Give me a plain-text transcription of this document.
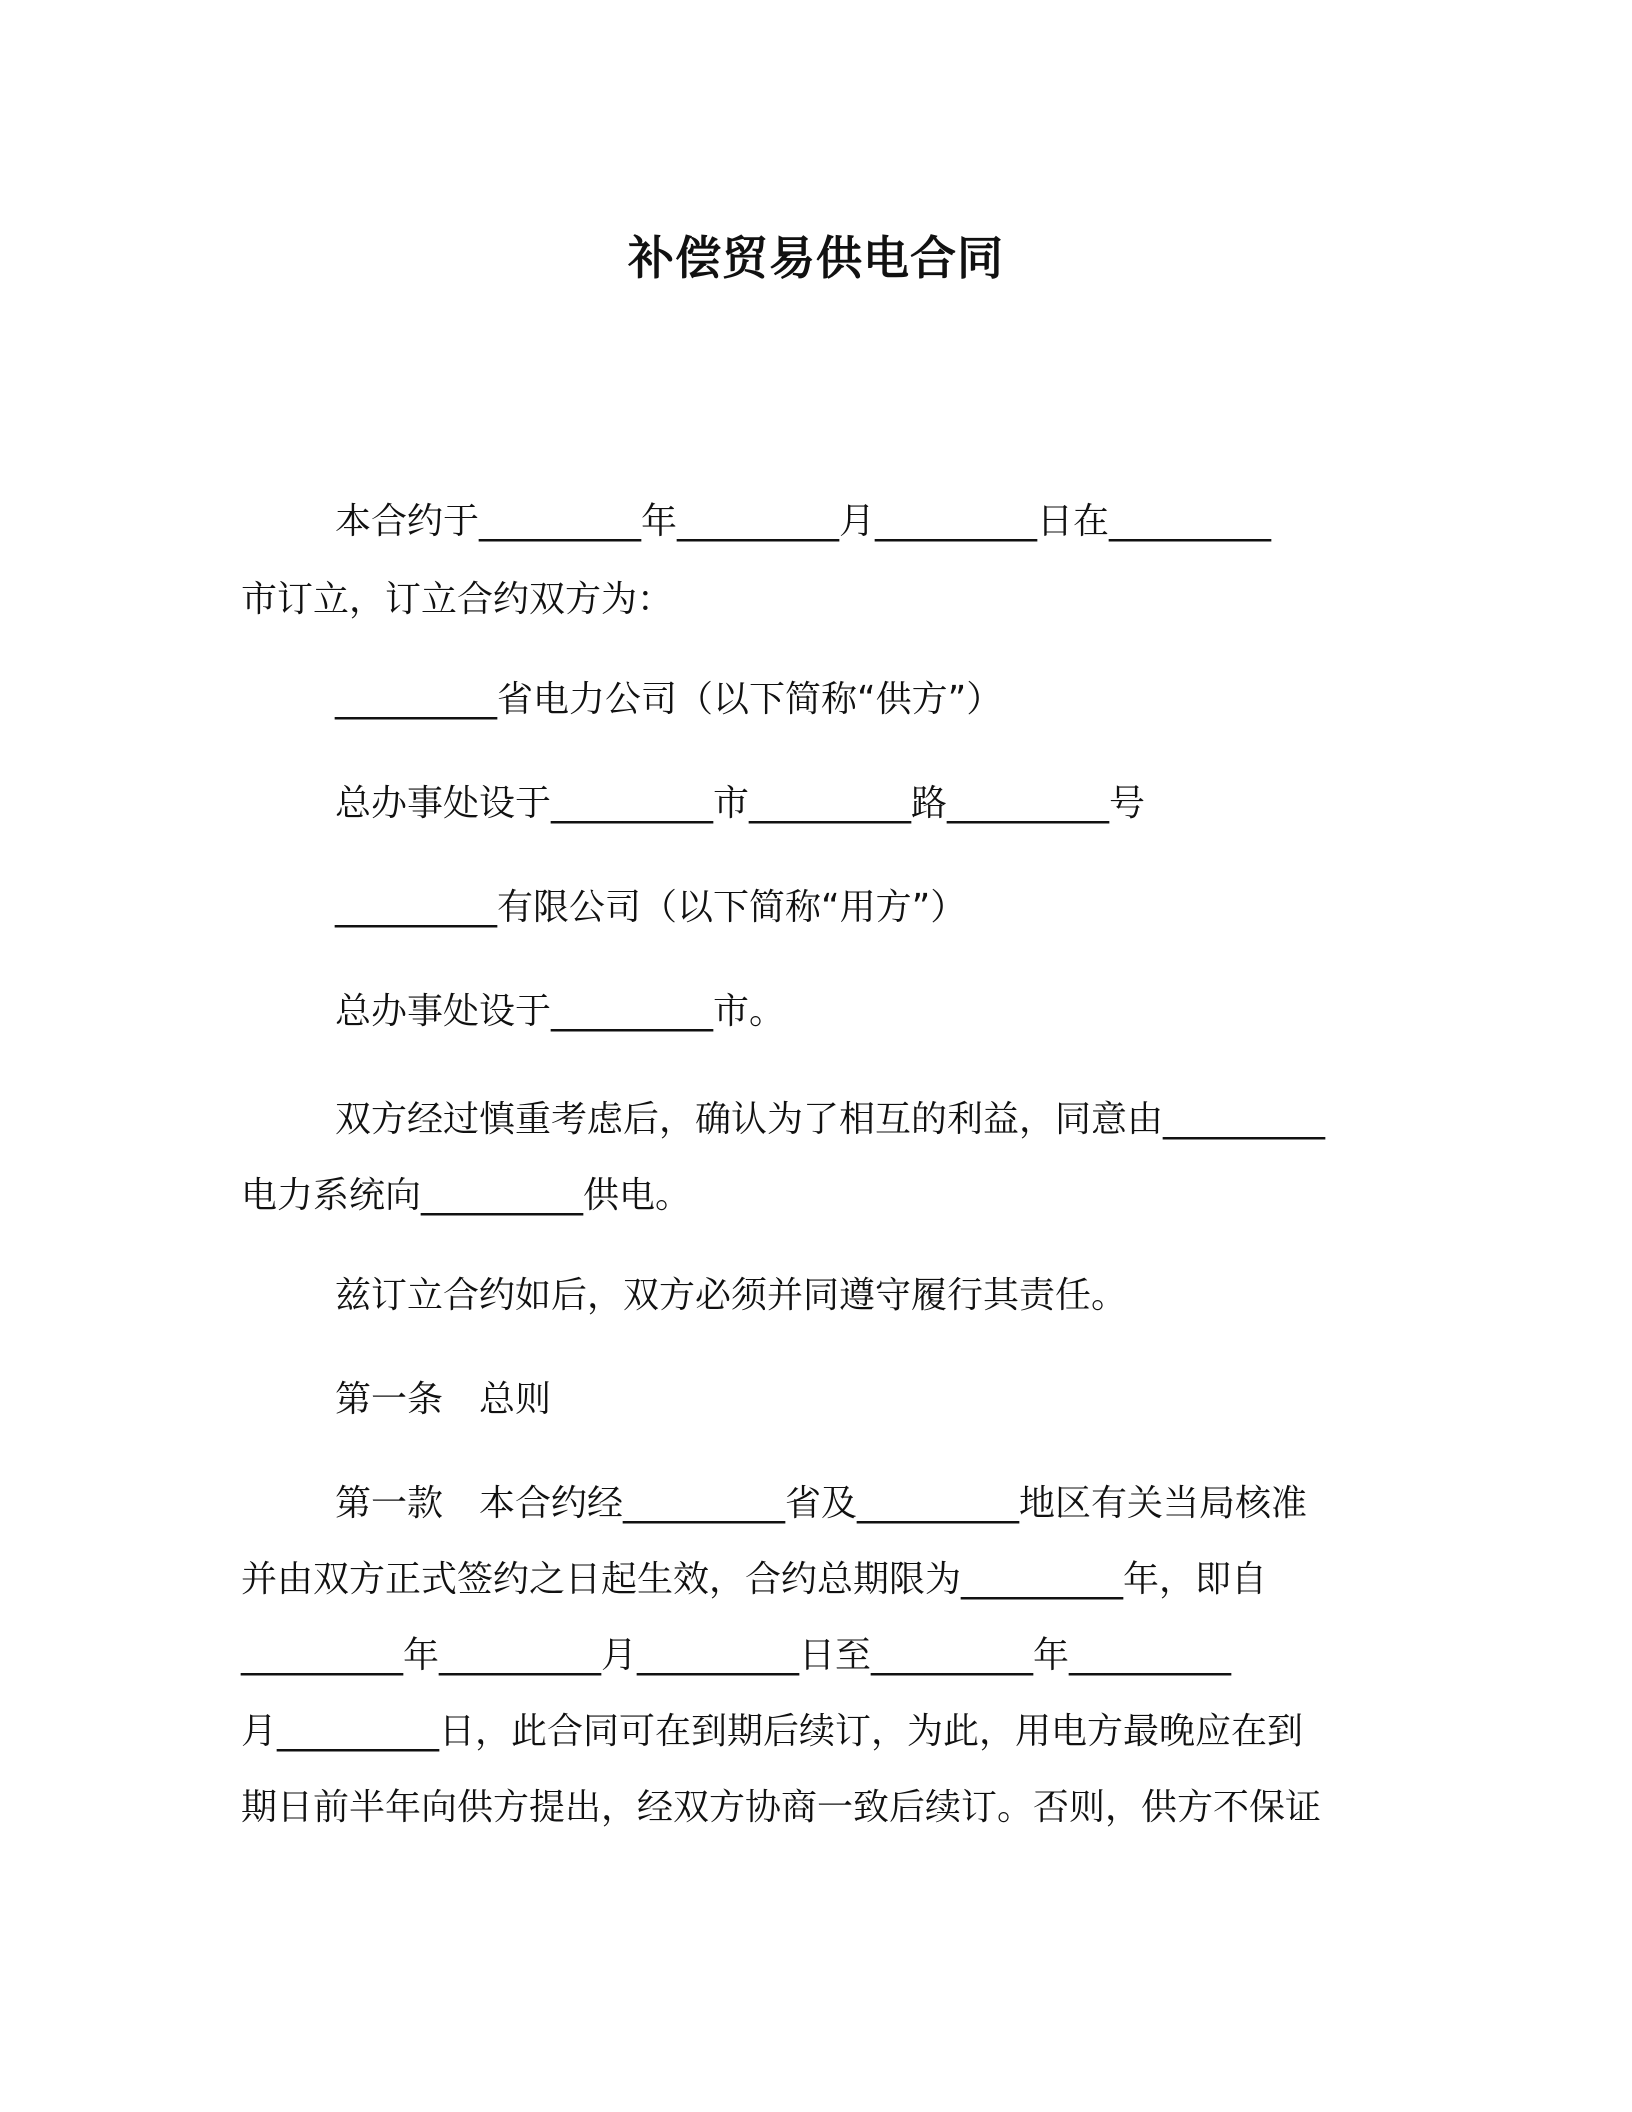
补偿贸易供电合同

本合约于_________年_________月_________日在_________

市订立，订立合约双方为：

_________省电力公司（以下简称“供方”）

总办事处设于_________市_________路_________号

_________有限公司（以下简称“用方”）

总办事处设于_________市。

双方经过慎重考虑后，确认为了相互的利益，同意由_________

电力系统向_________供电。

兹订立合约如后，双方必须并同遵守履行其责任。

第一条　总则

第一款　本合约经_________省及_________地区有关当局核准

并由双方正式签约之日起生效，合约总期限为_________年，即自

_________年_________月_________日至_________年_________

月_________日，此合同可在到期后续订，为此，用电方最晚应在到

期日前半年向供方提出，经双方协商一致后续订。否则，供方不保证
